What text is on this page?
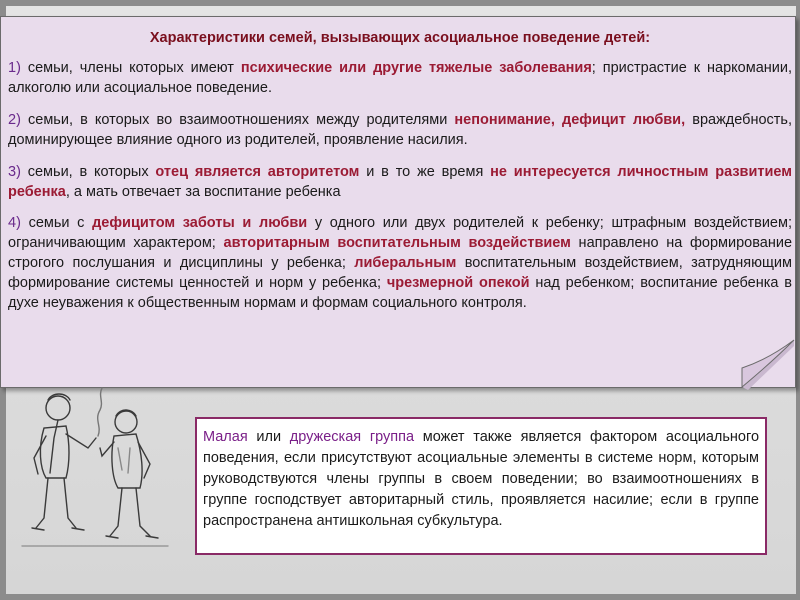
Характеристики семей, вызывающих асоциальное поведение детей:
1) семьи, члены которых имеют психические или другие тяжелые заболевания; пристрастие к наркомании, алкоголю или асоциальное поведение.
2) семьи, в которых во взаимоотношениях между родителями непонимание, дефицит любви, враждебность, доминирующее влияние одного из родителей, проявление насилия.
3) семьи, в которых отец является авторитетом и в то же время не интересуется личностным развитием ребенка, а мать отвечает за воспитание ребенка
4) семьи с дефицитом заботы и любви у одного или двух родителей к ребенку; штрафным воздействием; ограничивающим характером; авторитарным воспитательным воздействием направлено на формирование строгого послушания и дисциплины у ребенка; либеральным воспитательным воздействием, затрудняющим формирование системы ценностей и норм у ребенка; чрезмерной опекой над ребенком; воспитание ребенка в духе неуважения к общественным нормам и формам социального контроля.
Малая или дружеская группа может также является фактором асоциального поведения, если присутствуют асоциальные элементы в системе норм, которым руководствуются члены группы в своем поведении; во взаимоотношениях в группе господствует авторитарный стиль, проявляется насилие; если в группе распространена антишкольная субкультура.
